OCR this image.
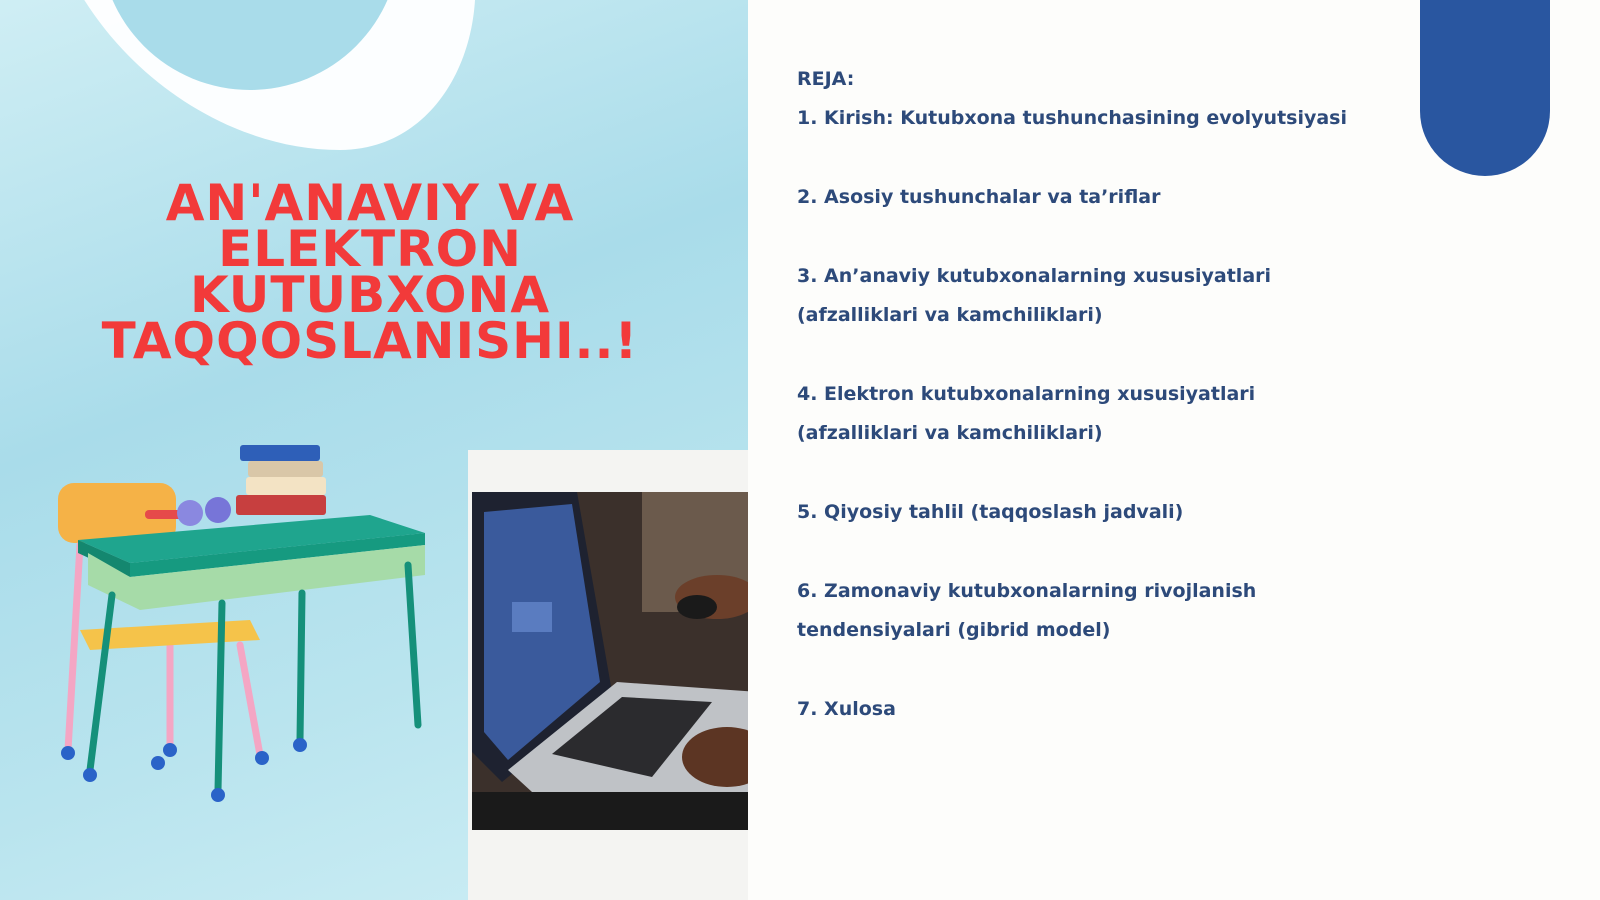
AN'ANAVIY VA
ELEKTRON
KUTUBXONA
TAQQOSLANISHI..!

REJA:

1. Kirish: Kutubxona tushunchasining evolyutsiyasi

2. Asosiy tushunchalar va ta’riflar

3. An’anaviy kutubxonalarning xususiyatlari
(afzalliklari va kamchiliklari)

4. Elektron kutubxonalarning xususiyatlari
(afzalliklari va kamchiliklari)

5. Qiyosiy tahlil (taqqoslash jadvali)

6. Zamonaviy kutubxonalarning rivojlanish
tendensiyalari (gibrid model)

7. Xulosa
